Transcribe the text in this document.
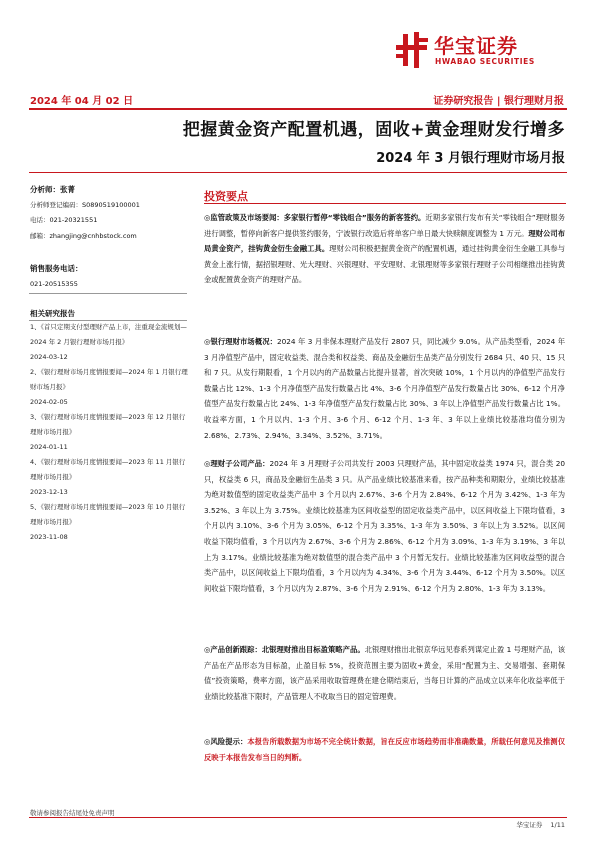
华宝证券
HWABAO SECURITIES
2024 年 04 月 02 日	证券研究报告 | 银行理财月报
把握黄金资产配置机遇，固收+黄金理财发行增多
2024 年 3 月银行理财市场月报
分析师：张菁
分析师登记编码：S0890519100001
电话：021-20321551
邮箱：zhangjing@cnhbstock.com
销售服务电话：
021-20515355
相关研究报告
1、《首只定期支付型理财产品上市，注重现金流规划—2024 年 2 月银行理财市场月报》
2024-03-12
2、《银行理财市场月度情报要闻—2024 年 1 月银行理财市场月报》
2024-02-05
3、《银行理财市场月度情报要闻—2023 年 12 月银行理财市场月报》
2024-01-11
4、《银行理财市场月度情报要闻—2023 年 11 月银行理财市场月报》
2023-12-13
5、《银行理财市场月度情报要闻—2023 年 10 月银行理财市场月报》
2023-11-08
投资要点
◎监管政策及市场要闻：多家银行暂停“零钱组合”服务的新客签约。近期多家银行发布有关“零钱组合”理财服务进行调整，暂停向新客户提供签约服务，宁波银行改造后将单客户单日最大快赎额度调整为 1 万元。理财公司布局黄金资产，挂钩黄金衍生金融工具。理财公司积极把握黄金资产的配置机遇，通过挂钩黄金衍生金融工具参与黄金上涨行情，据招银理财、光大理财、兴银理财、平安理财、北银理财等多家银行理财子公司相继推出挂钩黄金或配置黄金资产的理财产品。
◎银行理财市场概况：2024 年 3 月非保本理财产品发行 2807 只，同比减少 9.0%。从产品类型看，2024 年 3 月净值型产品中，固定收益类、混合类和权益类、商品及金融衍生品类产品分别发行 2684 只、40 只、15 只和 7 只。从发行期限看，1 个月以内的产品数量占比提升显著，首次突破 10%，1 个月以内的净值型产品发行数量占比 12%、1-3 个月净值型产品发行数量占比 4%、3-6 个月净值型产品发行数量占比 30%、6-12 个月净值型产品发行数量占比 24%、1-3 年净值型产品发行数量占比 30%、3 年以上净值型产品发行数量占比 1%。收益率方面，1 个月以内、1-3 个月、3-6 个月、6-12 个月、1-3 年、3 年以上业绩比较基准均值分别为 2.68%、2.73%、2.94%、3.34%、3.52%、3.71%。
◎理财子公司产品：2024 年 3 月理财子公司共发行 2003 只理财产品，其中固定收益类 1974 只，混合类 20 只，权益类 6 只，商品及金融衍生品类 3 只。从产品业绩比较基准来看，按产品种类和期限分，业绩比较基准为绝对数值型的固定收益类产品中 3 个月以内 2.67%、3-6 个月为 2.84%、6-12 个月为 3.42%、1-3 年为 3.52%、3 年以上为 3.75%。业绩比较基准为区间收益型的固定收益类产品中，以区间收益上下限均值看，3 个月以内 3.10%、3-6 个月为 3.05%、6-12 个月为 3.35%、1-3 年为 3.50%、3 年以上为 3.52%。以区间收益下限均值看，3 个月以内为 2.67%、3-6 个月为 2.86%、6-12 个月为 3.09%、1-3 年为 3.19%、3 年以上为 3.17%。业绩比较基准为绝对数值型的混合类产品中 3 个月暂无发行。业绩比较基准为区间收益型的混合类产品中，以区间收益上下限均值看，3 个月以内为 4.34%、3-6 个月为 3.44%、6-12 个月为 3.50%。以区间收益下限均值看，3 个月以内为 2.87%、3-6 个月为 2.91%、6-12 个月为 2.80%、1-3 年为 3.13%。
◎产品创新跟踪：北银理财推出目标盈策略产品。北银理财推出北银京华远见春系列谋定止盈 1 号理财产品，该产品在产品形态为目标盈，止盈目标 5%，投资范围主要为固收+黄金，采用“配置为主、交易增强、套期保值”投资策略，费率方面，该产品采用收取管理费在建仓期结束后，当每日计算的产品成立以来年化收益率低于业绩比较基准下限时，产品管理人不收取当日的固定管理费。
◎风险提示：本报告所载数据为市场不完全统计数据，旨在反应市场趋势而非准确数量，所载任何意见及推测仅反映于本报告发布当日的判断。
敬请参阅报告结尾处免责声明
华宝证券 1/11
